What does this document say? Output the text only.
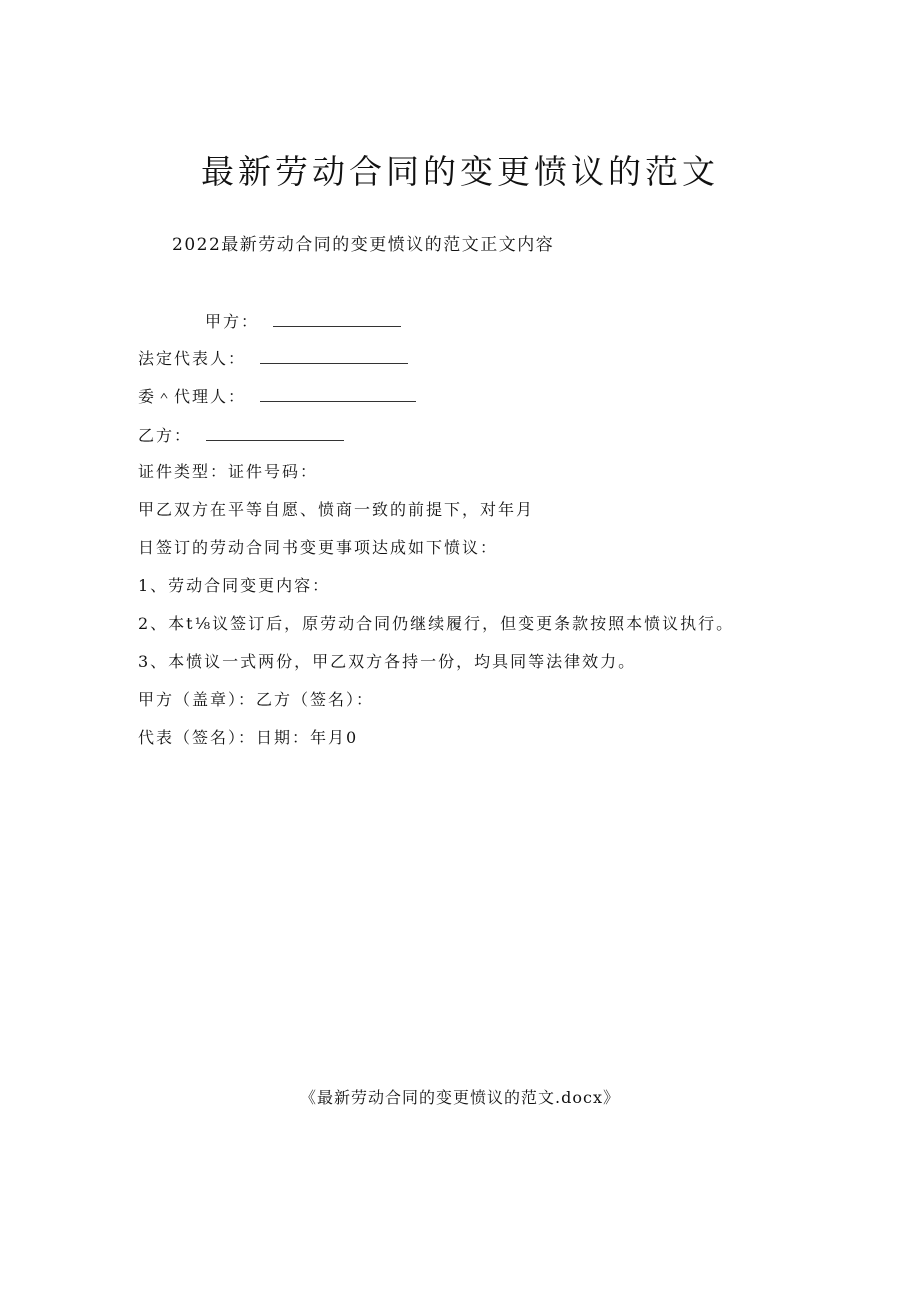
最新劳动合同的变更愤议的范文

2022最新劳动合同的变更愤议的范文正文内容

甲方：
法定代表人：
委＾代理人：
乙方：

证件类型：证件号码：

甲乙双方在平等自愿、愤商一致的前提下，对年月

日签订的劳动合同书变更事项达成如下愤议：

1、劳动合同变更内容：

2、本t⅛议签订后，原劳动合同仍继续履行，但变更条款按照本愤议执行。

3、本愤议一式两份，甲乙双方各持一份，均具同等法律效力。

甲方（盖章）：乙方（签名）：

代表（签名）：日期：年月0

《最新劳动合同的变更愤议的范文.docx》
